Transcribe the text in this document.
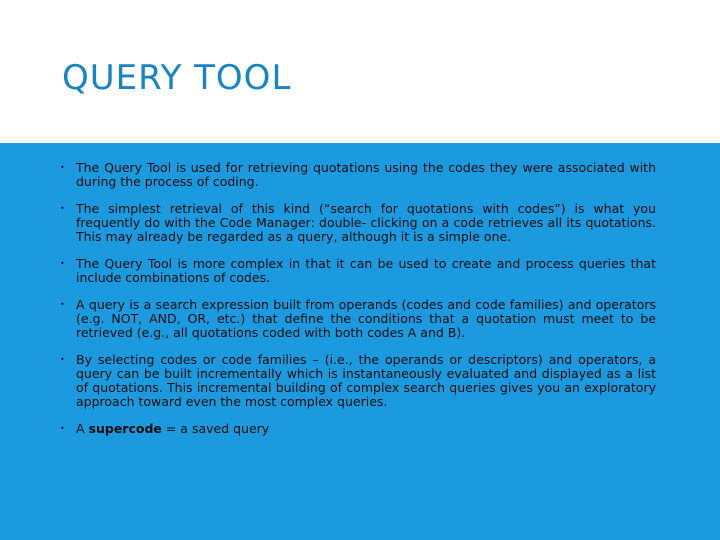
QUERY TOOL
• The Query Tool is used for retrieving quotations using the codes they were associated with during the process of coding.
• The simplest retrieval of this kind (“search for quotations with codes”) is what you frequently do with the Code Manager: double- clicking on a code retrieves all its quotations. This may already be regarded as a query, although it is a simple one.
• The Query Tool is more complex in that it can be used to create and process queries that include combinations of codes.
• A query is a search expression built from operands (codes and code families) and operators (e.g. NOT, AND, OR, etc.) that define the conditions that a quotation must meet to be retrieved (e.g., all quotations coded with both codes A and B).
• By selecting codes or code families – (i.e., the operands or descriptors) and operators, a query can be built incrementally which is instantaneously evaluated and displayed as a list of quotations. This incremental building of complex search queries gives you an exploratory approach toward even the most complex queries.
• A supercode = a saved query
